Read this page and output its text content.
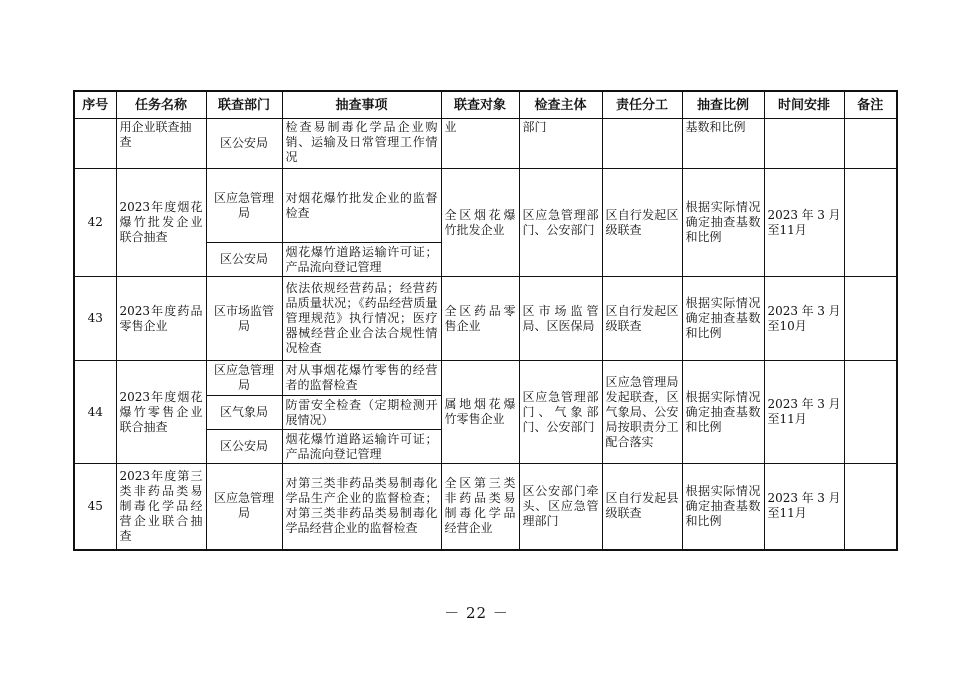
序号	任务名称	联查部门	抽查事项	联查对象	检查主体	责任分工	抽查比例	时间安排	备注
	用企业联查抽查	区公安局	检查易制毒化学品企业购销、运输及日常管理工作情况	业	部门		基数和比例		
42	2023年度烟花爆竹批发企业联合抽查	区应急管理局	对烟花爆竹批发企业的监督检查	全区烟花爆竹批发企业	区应急管理部门、公安部门	区自行发起区级联查	根据实际情况确定抽查基数和比例	2023年3月至11月	
		区公安局	烟花爆竹道路运输许可证；产品流向登记管理						
43	2023年度药品零售企业	区市场监管局	依法依规经营药品；经营药品质量状况；《药品经营质量管理规范》执行情况；医疗器械经营企业合法合规性情况检查	全区药品零售企业	区市场监管局、区医保局	区自行发起区级联查	根据实际情况确定抽查基数和比例	2023年3月至10月	
44	2023年度烟花爆竹零售企业联合抽查	区应急管理局	对从事烟花爆竹零售的经营者的监督检查	属地烟花爆竹零售企业	区应急管理部门、气象部门、公安部门	区应急管理局发起联查，区气象局、公安局按职责分工配合落实	根据实际情况确定抽查基数和比例	2023年3月至11月	
		区气象局	防雷安全检查（定期检测开展情况）						
		区公安局	烟花爆竹道路运输许可证；产品流向登记管理						
45	2023年度第三类非药品类易制毒化学品经营企业联合抽查	区应急管理局	对第三类非药品类易制毒化学品生产企业的监督检查；对第三类非药品类易制毒化学品经营企业的监督检查	全区第三类非药品类易制毒化学品经营企业	区公安部门牵头、区应急管理部门	区自行发起县级联查	根据实际情况确定抽查基数和比例	2023年3月至11月	
－ 22 －
